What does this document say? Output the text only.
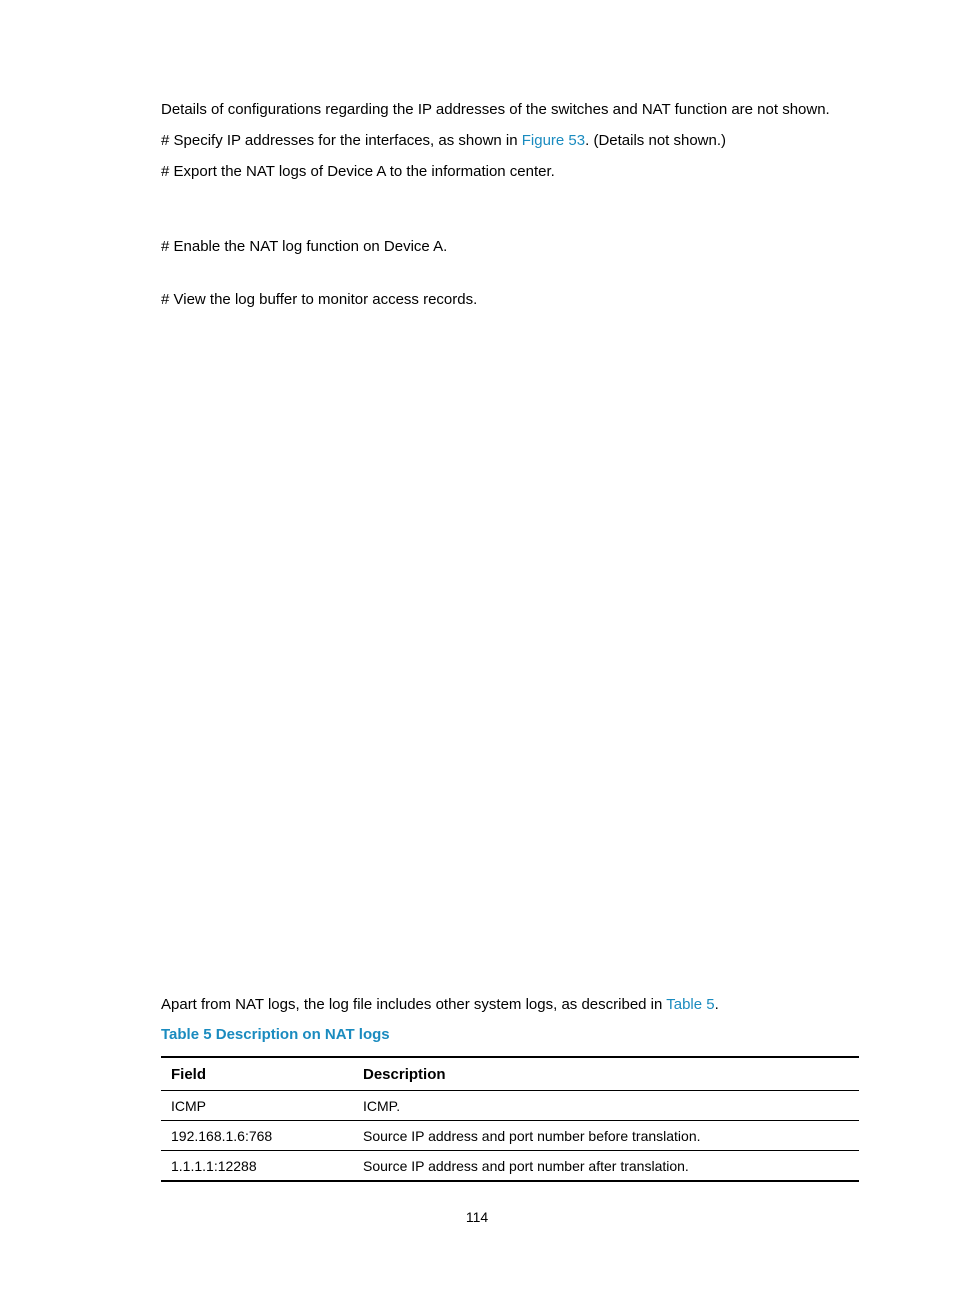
Details of configurations regarding the IP addresses of the switches and NAT function are not shown.

# Specify IP addresses for the interfaces, as shown in Figure 53. (Details not shown.)

# Export the NAT logs of Device A to the information center.

# Enable the NAT log function on Device A.

# View the log buffer to monitor access records.

Apart from NAT logs, the log file includes other system logs, as described in Table 5.

Table 5 Description on NAT logs

Field	Description
ICMP	ICMP.
192.168.1.6:768	Source IP address and port number before translation.
1.1.1.1:12288	Source IP address and port number after translation.

114
